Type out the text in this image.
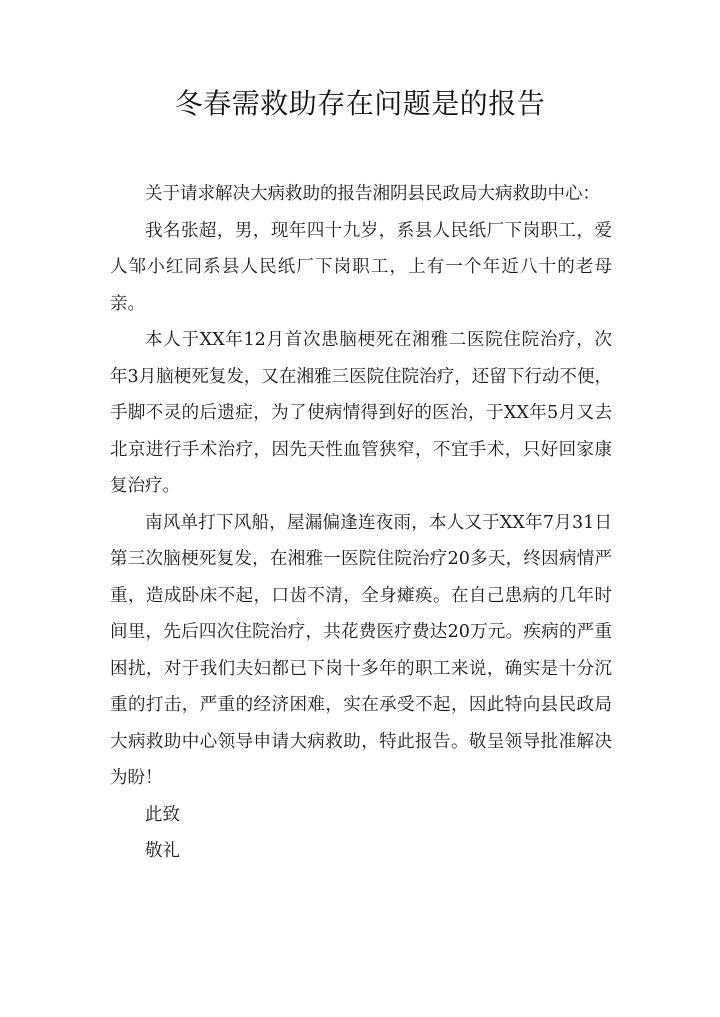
冬春需救助存在问题是的报告

关于请求解决大病救助的报告湘阴县民政局大病救助中心：

我名张超，男，现年四十九岁，系县人民纸厂下岗职工，爱人邹小红同系县人民纸厂下岗职工，上有一个年近八十的老母亲。

本人于XX年12月首次患脑梗死在湘雅二医院住院治疗，次年3月脑梗死复发，又在湘雅三医院住院治疗，还留下行动不便，手脚不灵的后遗症，为了使病情得到好的医治，于XX年5月又去北京进行手术治疗，因先天性血管狭窄，不宜手术，只好回家康复治疗。

南风单打下风船，屋漏偏逢连夜雨，本人又于XX年7月31日第三次脑梗死复发，在湘雅一医院住院治疗20多天，终因病情严重，造成卧床不起，口齿不清，全身瘫痪。在自己患病的几年时间里，先后四次住院治疗，共花费医疗费达20万元。疾病的严重困扰，对于我们夫妇都已下岗十多年的职工来说，确实是十分沉重的打击，严重的经济困难，实在承受不起，因此特向县民政局大病救助中心领导申请大病救助，特此报告。敬呈领导批准解决为盼！

此致

敬礼
